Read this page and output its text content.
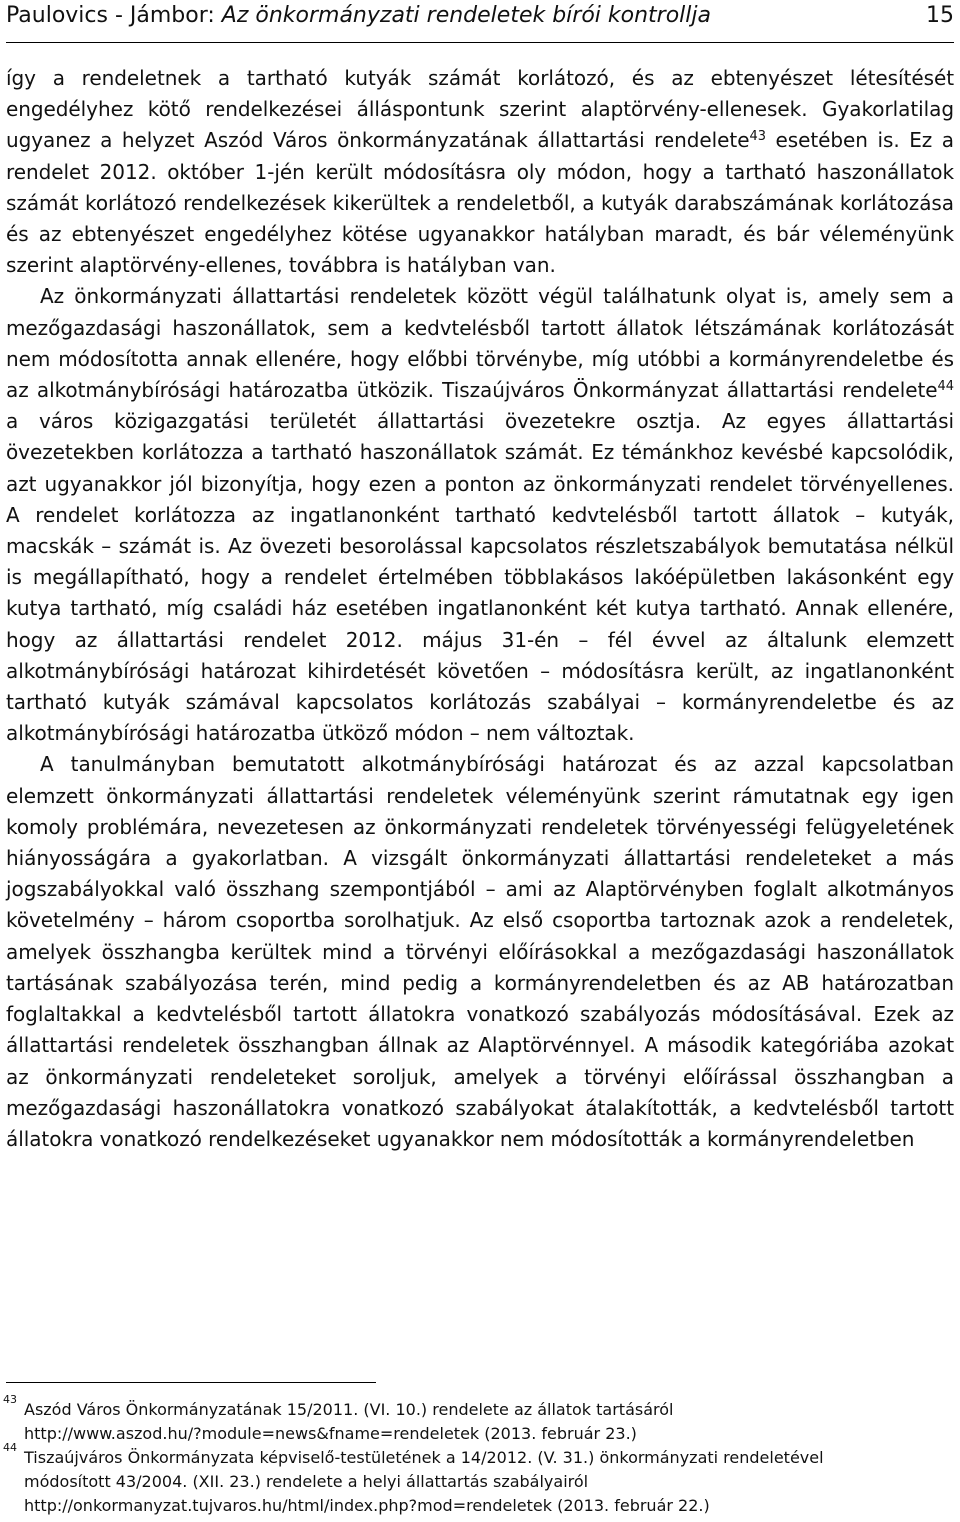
Paulovics - Jámbor: Az önkormányzati rendeletek bírói kontrollja	15

így a rendeletnek a tartható kutyák számát korlátozó, és az ebtenyészet létesítését engedélyhez kötő rendelkezései álláspontunk szerint alaptörvény-ellenesek. Gyakorlatilag ugyanez a helyzet Aszód Város önkormányzatának állattartási rendelete$^{43}$ esetében is. Ez a rendelet 2012. október 1-jén került módosításra oly módon, hogy a tartható haszonállatok számát korlátozó rendelkezések kikerültek a rendeletből, a kutyák darabszámának korlátozása és az ebtenyészet engedélyhez kötése ugyanakkor hatályban maradt, és bár véleményünk szerint alaptörvény-ellenes, továbbra is hatályban van.

Az önkormányzati állattartási rendeletek között végül találhatunk olyat is, amely sem a mezőgazdasági haszonállatok, sem a kedvtelésből tartott állatok létszámának korlátozását nem módosította annak ellenére, hogy előbbi törvénybe, míg utóbbi a kormányrendeletbe és az alkotmánybírósági határozatba ütközik. Tiszaújváros Önkormányzat állattartási rendelete$^{44}$ a város közigazgatási területét állattartási övezetekre osztja. Az egyes állattartási övezetekben korlátozza a tartható haszonállatok számát. Ez témánkhoz kevésbé kapcsolódik, azt ugyanakkor jól bizonyítja, hogy ezen a ponton az önkormányzati rendelet törvényellenes. A rendelet korlátozza az ingatlanonként tartható kedvtelésből tartott állatok – kutyák, macskák – számát is. Az övezeti besorolással kapcsolatos részletszabályok bemutatása nélkül is megállapítható, hogy a rendelet értelmében többlakásos lakóépületben lakásonként egy kutya tartható, míg családi ház esetében ingatlanonként két kutya tartható. Annak ellenére, hogy az állattartási rendelet 2012. május 31-én – fél évvel az általunk elemzett alkotmánybírósági határozat kihirdetését követően – módosításra került, az ingatlanonként tartható kutyák számával kapcsolatos korlátozás szabályai – kormányrendeletbe és az alkotmánybírósági határozatba ütköző módon – nem változtak.

A tanulmányban bemutatott alkotmánybírósági határozat és az azzal kapcsolatban elemzett önkormányzati állattartási rendeletek véleményünk szerint rámutatnak egy igen komoly problémára, nevezetesen az önkormányzati rendeletek törvényességi felügyeletének hiányosságára a gyakorlatban. A vizsgált önkormányzati állattartási rendeleteket a más jogszabályokkal való összhang szempontjából – ami az Alaptörvényben foglalt alkotmányos követelmény – három csoportba sorolhatjuk. Az első csoportba tartoznak azok a rendeletek, amelyek összhangba kerültek mind a törvényi előírásokkal a mezőgazdasági haszonállatok tartásának szabályozása terén, mind pedig a kormányrendeletben és az AB határozatban foglaltakkal a kedvtelésből tartott állatokra vonatkozó szabályozás módosításával. Ezek az állattartási rendeletek összhangban állnak az Alaptörvénnyel. A második kategóriába azokat az önkormányzati rendeleteket soroljuk, amelyek a törvényi előírással összhangban a mezőgazdasági haszonállatokra vonatkozó szabályokat átalakították, a kedvtelésből tartott állatokra vonatkozó rendelkezéseket ugyanakkor nem módosították a kormányrendeletben

43
Aszód Város Önkormányzatának 15/2011. (VI. 10.) rendelete az állatok tartásáról
http://www.aszod.hu/?module=news&fname=rendeletek (2013. február 23.)
44
Tiszaújváros Önkormányzata képviselő-testületének a 14/2012. (V. 31.) önkormányzati rendeletével
módosított 43/2004. (XII. 23.) rendelete a helyi állattartás szabályairól
http://onkormanyzat.tujvaros.hu/html/index.php?mod=rendeletek (2013. február 22.)
